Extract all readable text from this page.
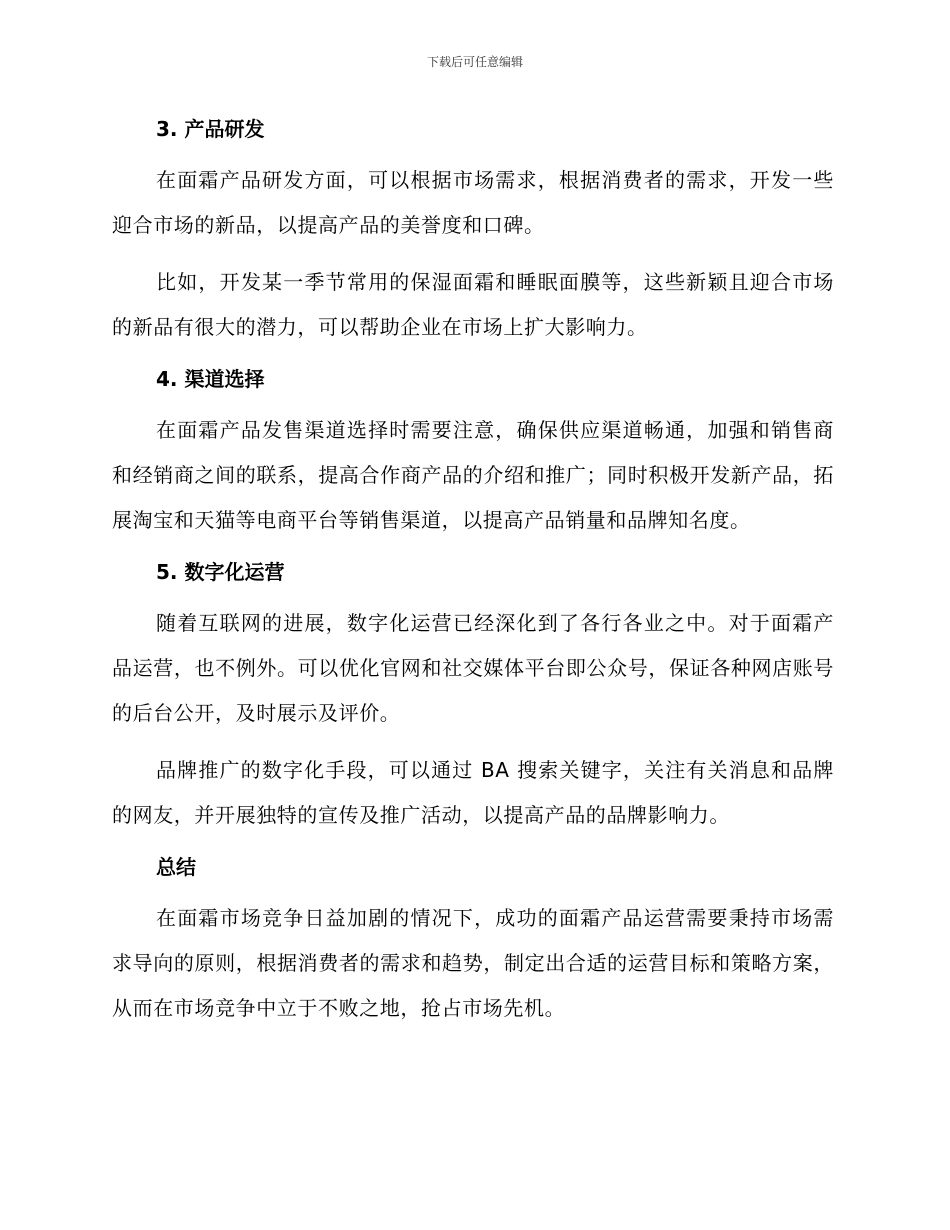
下载后可任意编辑
3. 产品研发

在面霜产品研发方面，可以根据市场需求，根据消费者的需求，开发一些迎合市场的新品，以提高产品的美誉度和口碑。

比如，开发某一季节常用的保湿面霜和睡眠面膜等，这些新颖且迎合市场的新品有很大的潜力，可以帮助企业在市场上扩大影响力。

4. 渠道选择

在面霜产品发售渠道选择时需要注意，确保供应渠道畅通，加强和销售商和经销商之间的联系，提高合作商产品的介绍和推广；同时积极开发新产品，拓展淘宝和天猫等电商平台等销售渠道，以提高产品销量和品牌知名度。

5. 数字化运营

随着互联网的进展，数字化运营已经深化到了各行各业之中。对于面霜产品运营，也不例外。可以优化官网和社交媒体平台即公众号，保证各种网店账号的后台公开，及时展示及评价。

品牌推广的数字化手段，可以通过 BA 搜索关键字，关注有关消息和品牌的网友，并开展独特的宣传及推广活动，以提高产品的品牌影响力。

总结

在面霜市场竞争日益加剧的情况下，成功的面霜产品运营需要秉持市场需求导向的原则，根据消费者的需求和趋势，制定出合适的运营目标和策略方案，从而在市场竞争中立于不败之地，抢占市场先机。
